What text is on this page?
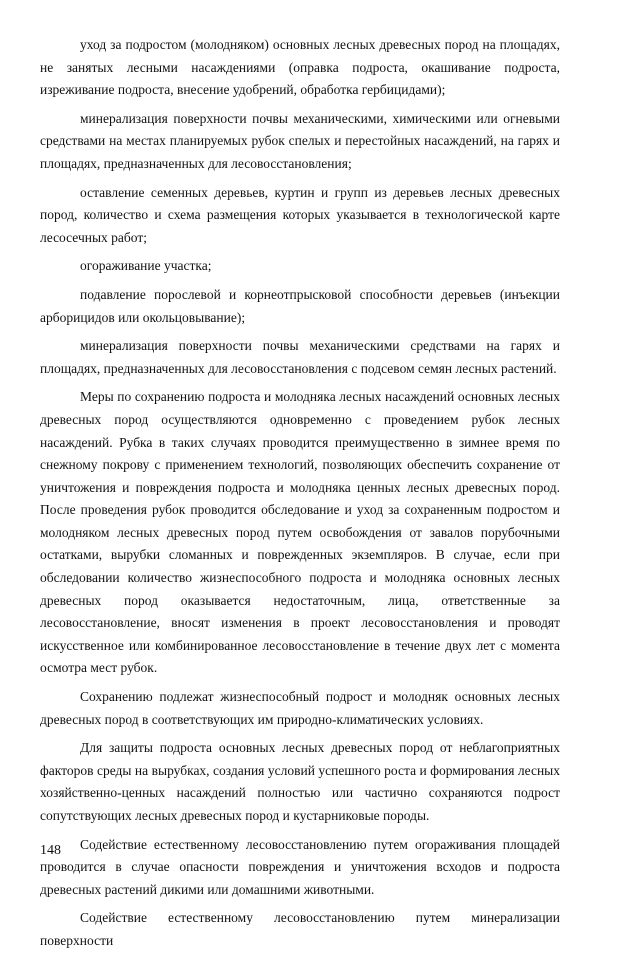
уход за подростом (молодняком) основных лесных древесных пород на площадях, не занятых лесными насаждениями (оправка подроста, окашивание подроста, изреживание подроста, внесение удобрений, обработка гербицидами);

минерализация поверхности почвы механическими, химическими или огневыми средствами на местах планируемых рубок спелых и перестойных насаждений, на гарях и площадях, предназначенных для лесовосстановления;

оставление семенных деревьев, куртин и групп из деревьев лесных древесных пород, количество и схема размещения которых указывается в технологической карте лесосечных работ;

огораживание участка;

подавление порослевой и корнеотпрысковой способности деревьев (инъекции арборицидов или окольцовывание);

минерализация поверхности почвы механическими средствами на гарях и площадях, предназначенных для лесовосстановления с подсевом семян лесных растений.

Меры по сохранению подроста и молодняка лесных насаждений основных лесных древесных пород осуществляются одновременно с проведением рубок лесных насаждений. Рубка в таких случаях проводится преимущественно в зимнее время по снежному покрову с применением технологий, позволяющих обеспечить сохранение от уничтожения и повреждения подроста и молодняка ценных лесных древесных пород. После проведения рубок проводится обследование и уход за сохраненным подростом и молодняком лесных древесных пород путем освобождения от завалов порубочными остатками, вырубки сломанных и поврежденных экземпляров. В случае, если при обследовании количество жизнеспособного подроста и молодняка основных лесных древесных пород оказывается недостаточным, лица, ответственные за лесовосстановление, вносят изменения в проект лесовосстановления и проводят искусственное или комбинированное лесовосстановление в течение двух лет с момента осмотра мест рубок.

Сохранению подлежат жизнеспособный подрост и молодняк основных лесных древесных пород в соответствующих им природно-климатических условиях.

Для защиты подроста основных лесных древесных пород от неблагоприятных факторов среды на вырубках, создания условий успешного роста и формирования лесных хозяйственно-ценных насаждений полностью или частично сохраняются подрост сопутствующих лесных древесных пород и кустарниковые породы.

Содействие естественному лесовосстановлению путем огораживания площадей проводится в случае опасности повреждения и уничтожения всходов и подроста древесных растений дикими или домашними животными.

Содействие естественному лесовосстановлению путем минерализации поверхности

148
